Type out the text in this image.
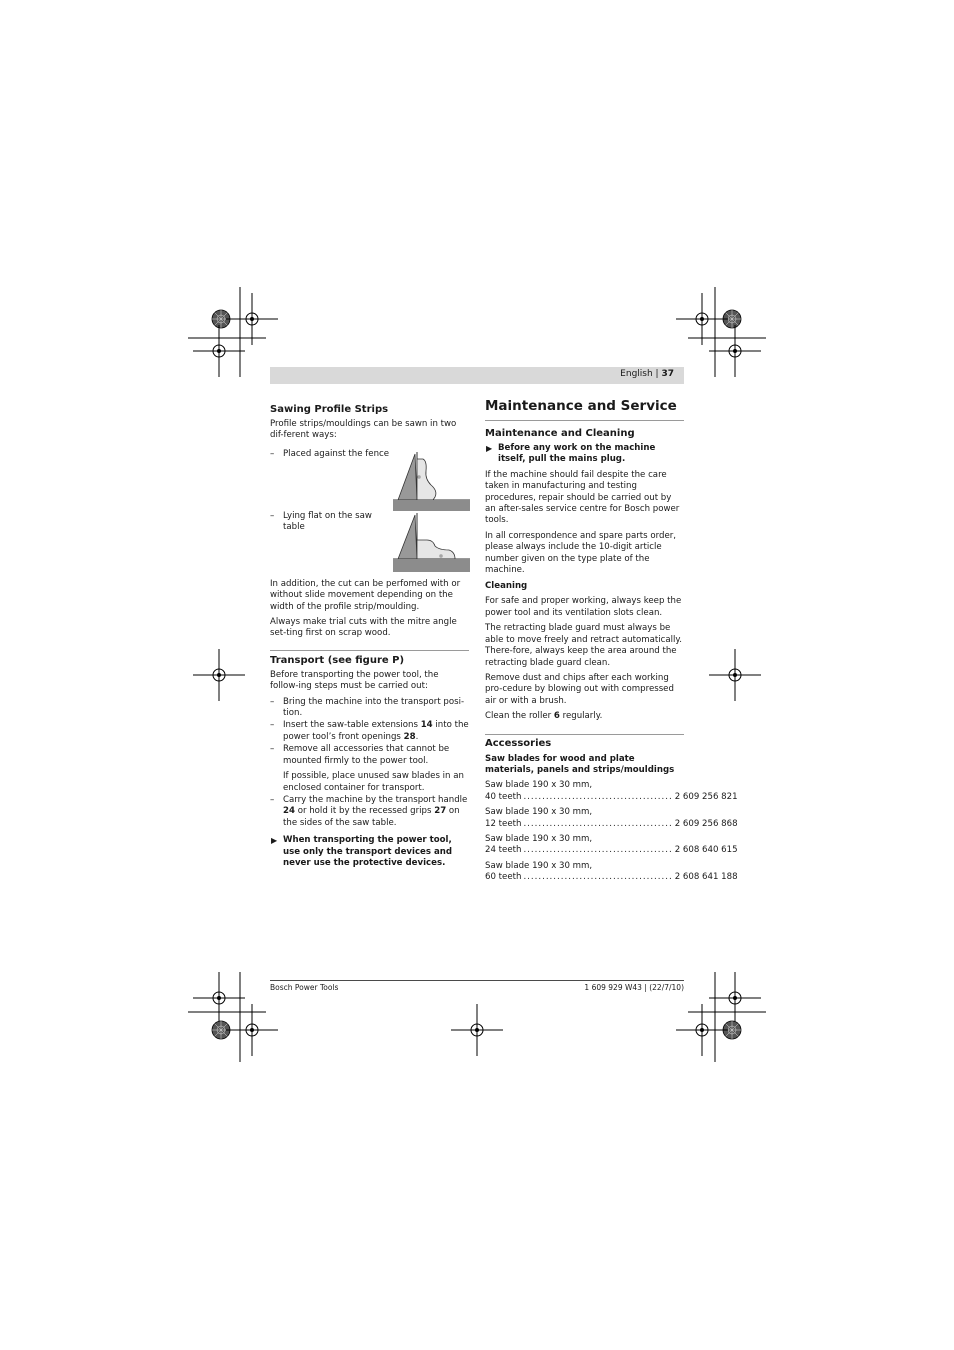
English | 37
Sawing Profile Strips

Profile strips/mouldings can be sawn in two dif-ferent ways:

– Placed against the fence
– Lying flat on the saw table

In addition, the cut can be perfomed with or without slide movement depending on the width of the profile strip/moulding.

Always make trial cuts with the mitre angle set-ting first on scrap wood.

Transport (see figure P)

Before transporting the power tool, the follow-ing steps must be carried out:

– Bring the machine into the transport posi-tion.
– Insert the saw-table extensions 14 into the power tool’s front openings 28.
– Remove all accessories that cannot be mounted firmly to the power tool.
If possible, place unused saw blades in an enclosed container for transport.
– Carry the machine by the transport handle 24 or hold it by the recessed grips 27 on the sides of the saw table.
▶ When transporting the power tool, use only the transport devices and never use the protective devices.
Maintenance and Service
Maintenance and Cleaning
▶ Before any work on the machine itself, pull the mains plug.

If the machine should fail despite the care taken in manufacturing and testing procedures, repair should be carried out by an after-sales service centre for Bosch power tools.

In all correspondence and spare parts order, please always include the 10-digit article number given on the type plate of the machine.

Cleaning

For safe and proper working, always keep the power tool and its ventilation slots clean.

The retracting blade guard must always be able to move freely and retract automatically. There-fore, always keep the area around the retracting blade guard clean.

Remove dust and chips after each working pro-cedure by blowing out with compressed air or with a brush.

Clean the roller 6 regularly.

Accessories

Saw blades for wood and plate materials, panels and strips/mouldings

Saw blade 190 x 30 mm,
40 teeth ........................................ 2 609 256 821
Saw blade 190 x 30 mm,
12 teeth ........................................ 2 609 256 868
Saw blade 190 x 30 mm,
24 teeth ........................................ 2 608 640 615
Saw blade 190 x 30 mm,
60 teeth ........................................ 2 608 641 188
Bosch Power Tools	1 609 929 W43 | (22/7/10)
